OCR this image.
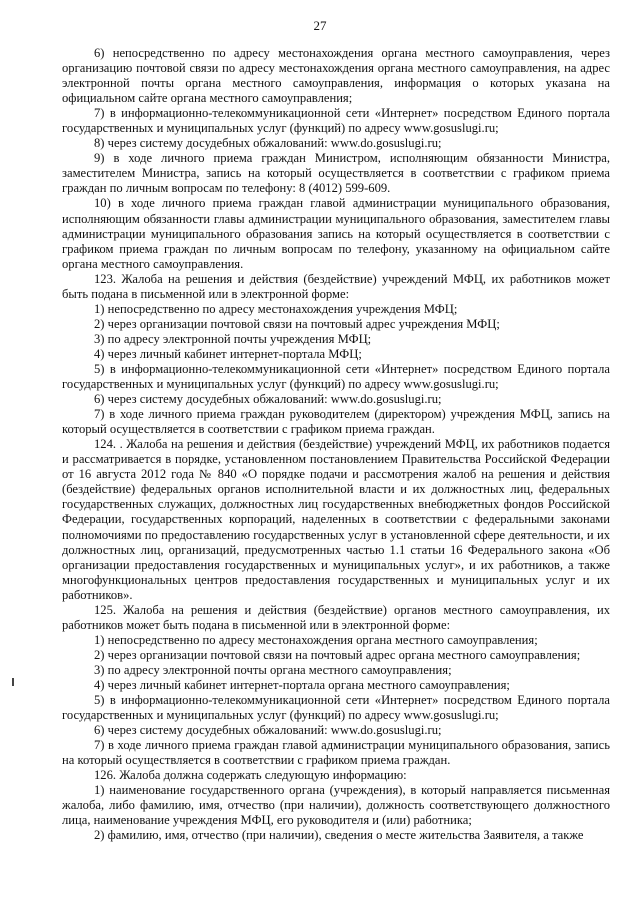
27

6) непосредственно по адресу местонахождения органа местного самоуправления, через организацию почтовой связи по адресу местонахождения органа местного самоуправления, на адрес электронной почты органа местного самоуправления, информация о которых указана на официальном сайте органа местного самоуправления;

7) в информационно-телекоммуникационной сети «Интернет» посредством Единого портала государственных и муниципальных услуг (функций) по адресу www.gosuslugi.ru;

8) через систему досудебных обжалований: www.do.gosuslugi.ru;

9) в ходе личного приема граждан Министром, исполняющим обязанности Министра, заместителем Министра, запись на который осуществляется в соответствии с графиком приема граждан по личным вопросам по телефону: 8 (4012) 599-609.

10) в ходе личного приема граждан главой администрации муниципального образования, исполняющим обязанности главы администрации муниципального образования, заместителем главы администрации муниципального образования запись на который осуществляется в соответствии с графиком приема граждан по личным вопросам по телефону, указанному на официальном сайте органа местного самоуправления.

123. Жалоба на решения и действия (бездействие) учреждений МФЦ, их работников может быть подана в письменной или в электронной форме:

1) непосредственно по адресу местонахождения учреждения МФЦ;

2) через организации почтовой связи на почтовый адрес учреждения МФЦ;

3) по адресу электронной почты учреждения МФЦ;

4) через личный кабинет интернет-портала МФЦ;

5) в информационно-телекоммуникационной сети «Интернет» посредством Единого портала государственных и муниципальных услуг (функций) по адресу www.gosuslugi.ru;

6) через систему досудебных обжалований: www.do.gosuslugi.ru;

7) в ходе личного приема граждан руководителем (директором) учреждения МФЦ, запись на который осуществляется в соответствии с графиком приема граждан.

124. . Жалоба на решения и действия (бездействие) учреждений МФЦ, их работников подается и рассматривается в порядке, установленном постановлением Правительства Российской Федерации от 16 августа 2012 года № 840 «О порядке подачи и рассмотрения жалоб на решения и действия (бездействие) федеральных органов исполнительной власти и их должностных лиц, федеральных государственных служащих, должностных лиц государственных внебюджетных фондов Российской Федерации, государственных корпораций, наделенных в соответствии с федеральными законами полномочиями по предоставлению государственных услуг в установленной сфере деятельности, и их должностных лиц, организаций, предусмотренных частью 1.1 статьи 16 Федерального закона «Об организации предоставления государственных и муниципальных услуг», и их работников, а также многофункциональных центров предоставления государственных и муниципальных услуг и их работников».

125. Жалоба на решения и действия (бездействие) органов местного самоуправления, их работников может быть подана в письменной или в электронной форме:

1) непосредственно по адресу местонахождения органа местного самоуправления;

2) через организации почтовой связи на почтовый адрес органа местного самоуправления;

3) по адресу электронной почты органа местного самоуправления;

4) через личный кабинет интернет-портала органа местного самоуправления;

5) в информационно-телекоммуникационной сети «Интернет» посредством Единого портала государственных и муниципальных услуг (функций) по адресу www.gosuslugi.ru;

6) через систему досудебных обжалований: www.do.gosuslugi.ru;

7) в ходе личного приема граждан главой администрации муниципального образования, запись на который осуществляется в соответствии с графиком приема граждан.

126. Жалоба должна содержать следующую информацию:

1) наименование государственного органа (учреждения), в который направляется письменная жалоба, либо фамилию, имя, отчество (при наличии), должность соответствующего должностного лица, наименование учреждения МФЦ, его руководителя и (или) работника;

2) фамилию, имя, отчество (при наличии), сведения о месте жительства Заявителя, а также
